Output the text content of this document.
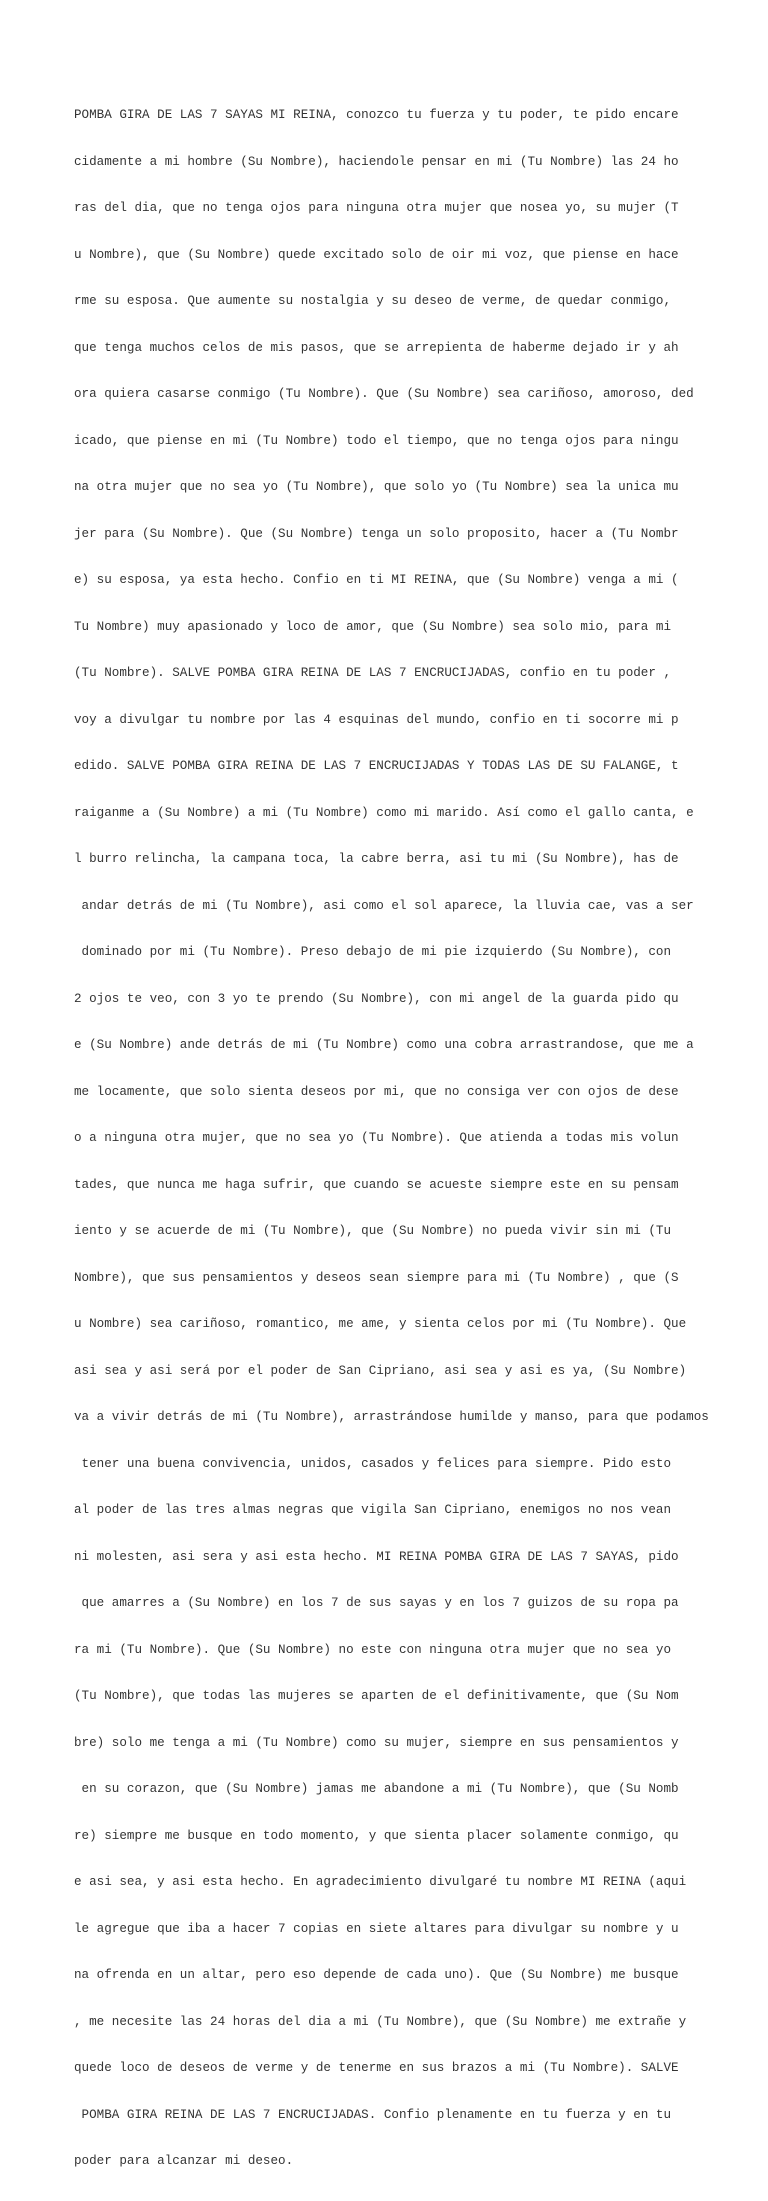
POMBA GIRA DE LAS 7 SAYAS MI REINA, conozco tu fuerza y tu poder, te pido encare

cidamente a mi hombre (Su Nombre), haciendole pensar en mi (Tu Nombre) las 24 ho

ras del dia, que no tenga ojos para ninguna otra mujer que nosea yo, su mujer (T

u Nombre), que (Su Nombre) quede excitado solo de oir mi voz, que piense en hace

rme su esposa. Que aumente su nostalgia y su deseo de verme, de quedar conmigo,

que tenga muchos celos de mis pasos, que se arrepienta de haberme dejado ir y ah

ora quiera casarse conmigo (Tu Nombre). Que (Su Nombre) sea cariñoso, amoroso, ded

icado, que piense en mi (Tu Nombre) todo el tiempo, que no tenga ojos para ningu

na otra mujer que no sea yo (Tu Nombre), que solo yo (Tu Nombre) sea la unica mu

jer para (Su Nombre). Que (Su Nombre) tenga un solo proposito, hacer a (Tu Nombr

e) su esposa, ya esta hecho. Confio en ti MI REINA, que (Su Nombre) venga a mi (

Tu Nombre) muy apasionado y loco de amor, que (Su Nombre) sea solo mio, para mi

(Tu Nombre). SALVE POMBA GIRA REINA DE LAS 7 ENCRUCIJADAS, confio en tu poder ,

voy a divulgar tu nombre por las 4 esquinas del mundo, confio en ti socorre mi p

edido. SALVE POMBA GIRA REINA DE LAS 7 ENCRUCIJADAS Y TODAS LAS DE SU FALANGE, t

raiganme a (Su Nombre) a mi (Tu Nombre) como mi marido. Así como el gallo canta, e

l burro relincha, la campana toca, la cabre berra, asi tu mi (Su Nombre), has de

andar detrás de mi (Tu Nombre), asi como el sol aparece, la lluvia cae, vas a ser

dominado por mi (Tu Nombre). Preso debajo de mi pie izquierdo (Su Nombre), con

2 ojos te veo, con 3 yo te prendo (Su Nombre), con mi angel de la guarda pido qu

e (Su Nombre) ande detrás de mi (Tu Nombre) como una cobra arrastrandose, que me a

me locamente, que solo sienta deseos por mi, que no consiga ver con ojos de dese

o a ninguna otra mujer, que no sea yo (Tu Nombre). Que atienda a todas mis volun

tades, que nunca me haga sufrir, que cuando se acueste siempre este en su pensam

iento y se acuerde de mi (Tu Nombre), que (Su Nombre) no pueda vivir sin mi (Tu

Nombre), que sus pensamientos y deseos sean siempre para mi (Tu Nombre) , que (S

u Nombre) sea cariñoso, romantico, me ame, y sienta celos por mi (Tu Nombre). Que

asi sea y asi será por el poder de San Cipriano, asi sea y asi es ya, (Su Nombre)

va a vivir detrás de mi (Tu Nombre), arrastrándose humilde y manso, para que podamos

tener una buena convivencia, unidos, casados y felices para siempre. Pido esto

al poder de las tres almas negras que vigila San Cipriano, enemigos no nos vean

ni molesten, asi sera y asi esta hecho. MI REINA POMBA GIRA DE LAS 7 SAYAS, pido

que amarres a (Su Nombre) en los 7 de sus sayas y en los 7 guizos de su ropa pa

ra mi (Tu Nombre). Que (Su Nombre) no este con ninguna otra mujer que no sea yo

(Tu Nombre), que todas las mujeres se aparten de el definitivamente, que (Su Nom

bre) solo me tenga a mi (Tu Nombre) como su mujer, siempre en sus pensamientos y

en su corazon, que (Su Nombre) jamas me abandone a mi (Tu Nombre), que (Su Nomb

re) siempre me busque en todo momento, y que sienta placer solamente conmigo, qu

e asi sea, y asi esta hecho. En agradecimiento divulgaré tu nombre MI REINA (aqui

le agregue que iba a hacer 7 copias en siete altares para divulgar su nombre y u

na ofrenda en un altar, pero eso depende de cada uno). Que (Su Nombre) me busque

, me necesite las 24 horas del dia a mi (Tu Nombre), que (Su Nombre) me extrañe y

quede loco de deseos de verme y de tenerme en sus brazos a mi (Tu Nombre). SALVE

POMBA GIRA REINA DE LAS 7 ENCRUCIJADAS. Confio plenamente en tu fuerza y en tu

poder para alcanzar mi deseo.
